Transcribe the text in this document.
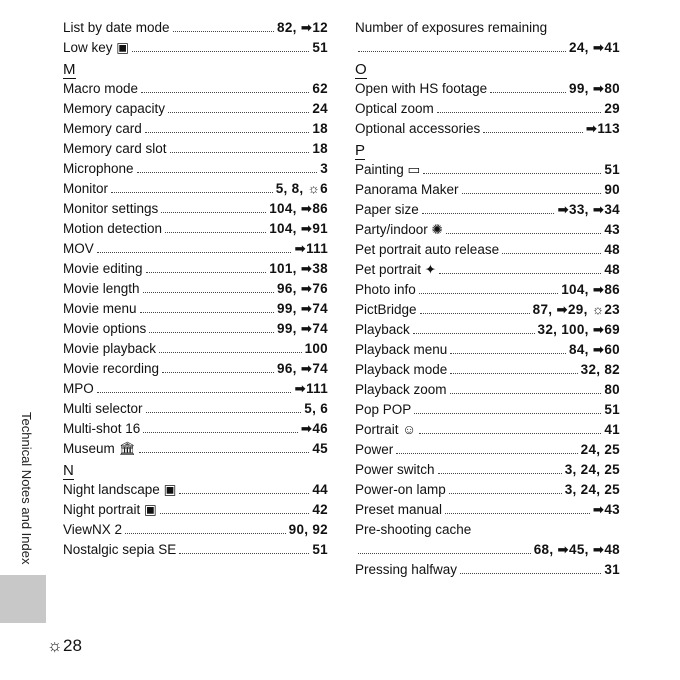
List by date mode	82, ➡12
Low key ▣	51
M
Macro mode	62
Memory capacity	24
Memory card	18
Memory card slot	18
Microphone	3
Monitor	5, 8, ☼6
Monitor settings	104, ➡86
Motion detection	104, ➡91
MOV	➡111
Movie editing	101, ➡38
Movie length	96, ➡76
Movie menu	99, ➡74
Movie options	99, ➡74
Movie playback	100
Movie recording	96, ➡74
MPO	➡111
Multi selector	5, 6
Multi-shot 16	➡46
Museum 🏛	45
N
Night landscape ▣	44
Night portrait ▣	42
ViewNX 2	90, 92
Nostalgic sepia SE	51
Number of exposures remaining
24, ➡41
O
Open with HS footage	99, ➡80
Optical zoom	29
Optional accessories	➡113
P
Painting ▭	51
Panorama Maker	90
Paper size	➡33, ➡34
Party/indoor ✺	43
Pet portrait auto release	48
Pet portrait ✦	48
Photo info	104, ➡86
PictBridge	87, ➡29, ☼23
Playback	32, 100, ➡69
Playback menu	84, ➡60
Playback mode	32, 82
Playback zoom	80
Pop POP	51
Portrait ☺	41
Power	24, 25
Power switch	3, 24, 25
Power-on lamp	3, 24, 25
Preset manual	➡43
Pre-shooting cache
68, ➡45, ➡48
Pressing halfway	31
Technical Notes and Index
☼28
